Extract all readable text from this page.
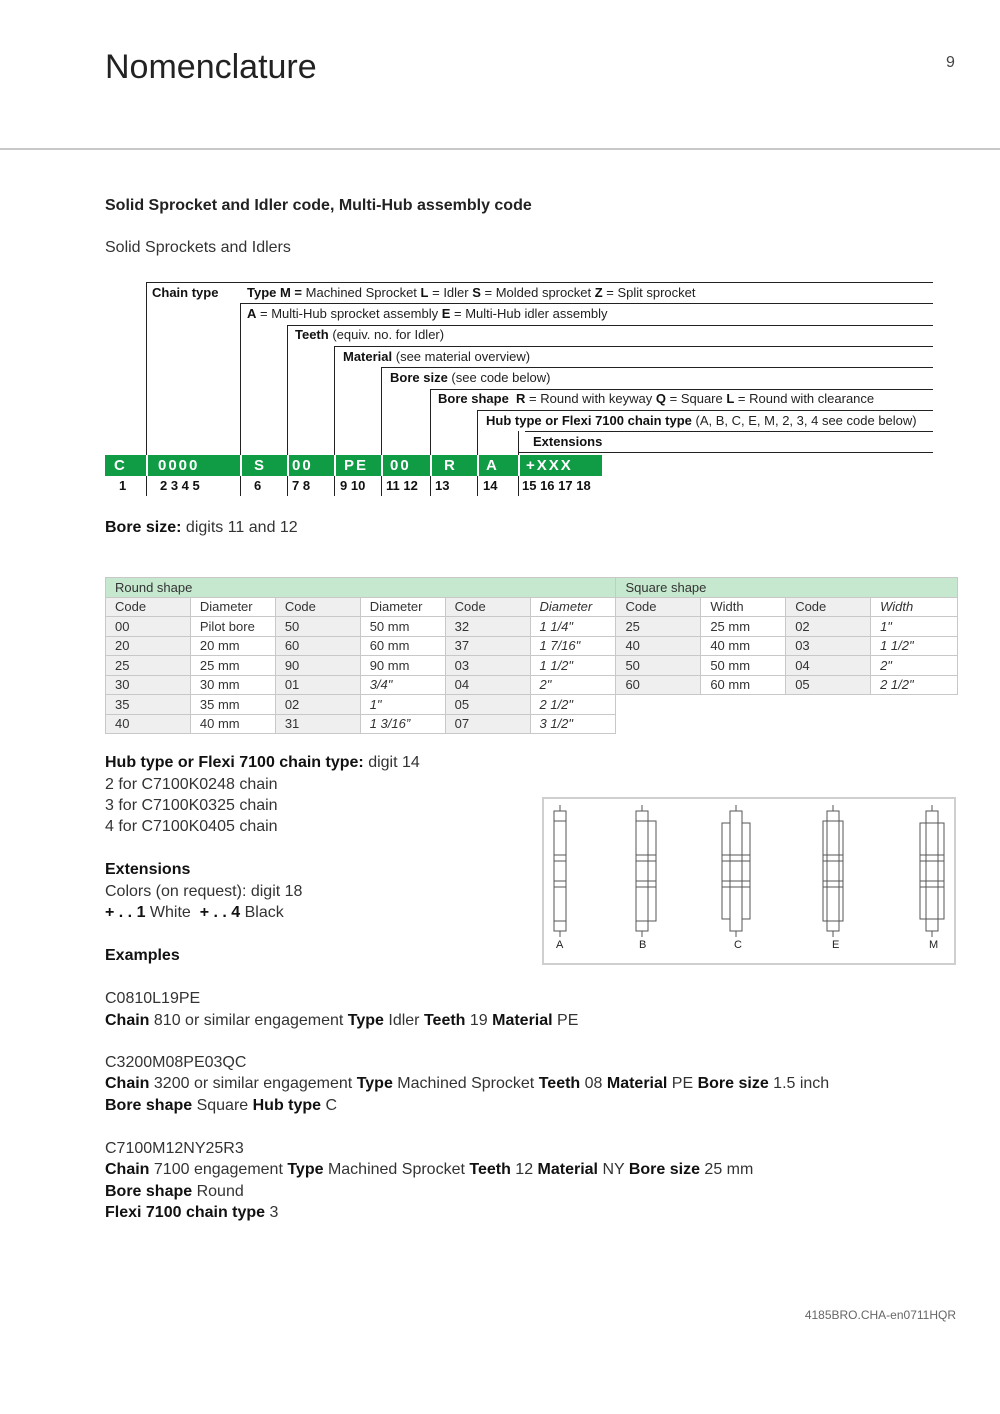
Nomenclature	9
Solid Sprocket and Idler code, Multi-Hub assembly code
Solid Sprockets and Idlers
Chain type Type M = Machined Sprocket L = Idler S = Molded sprocket Z = Split sprocket
A = Multi-Hub sprocket assembly E = Multi-Hub idler assembly
Teeth (equiv. no. for Idler)
Material (see material overview)
Bore size (see code below)
Bore shape R = Round with keyway Q = Square L = Round with clearance
Hub type or Flexi 7100 chain type (A, B, C, E, M, 2, 3, 4 see code below)
Extensions
C 0000	S 00 PE 00 R A +XXX
1	2 3 4 5	6 7 8 9 10 11 12 13	14 15 16 17 18
Bore size: digits 11 and 12
Round shape						Square shape			
Code	Diameter	Code	Diameter	Code	Diameter	Code	Width	Code	Width
00	Pilot bore	50	50 mm	32	1 1/4"	25	25 mm	02	1"
20	20 mm	60	60 mm	37	1 7/16"	40	40 mm	03	1 1/2"
25	25 mm	90	90 mm	03	1 1/2"	50	50 mm	04	2"
30	30 mm	01	3/4"	04	2"	60	60 mm	05	2 1/2"
35	35 mm	02	1"	05	2 1/2"				
40	40 mm	31	1 3/16”	07	3 1/2"				
Hub type or Flexi 7100 chain type: digit 14
2 for C7100K0248 chain
3 for C7100K0325 chain
4 for C7100K0405 chain
A	B	C	E	M
Extensions
Colors (on request): digit 18
+ . . 1 White  + . . 4 Black
Examples
C0810L19PE
Chain 810 or similar engagement Type Idler Teeth 19 Material PE
C3200M08PE03QC
Chain 3200 or similar engagement Type Machined Sprocket Teeth 08 Material PE Bore size 1.5 inch
Bore shape Square Hub type C
C7100M12NY25R3
Chain 7100 engagement Type Machined Sprocket Teeth 12 Material NY Bore size 25 mm
Bore shape Round
Flexi 7100 chain type 3
4185BRO.CHA-en0711HQR
